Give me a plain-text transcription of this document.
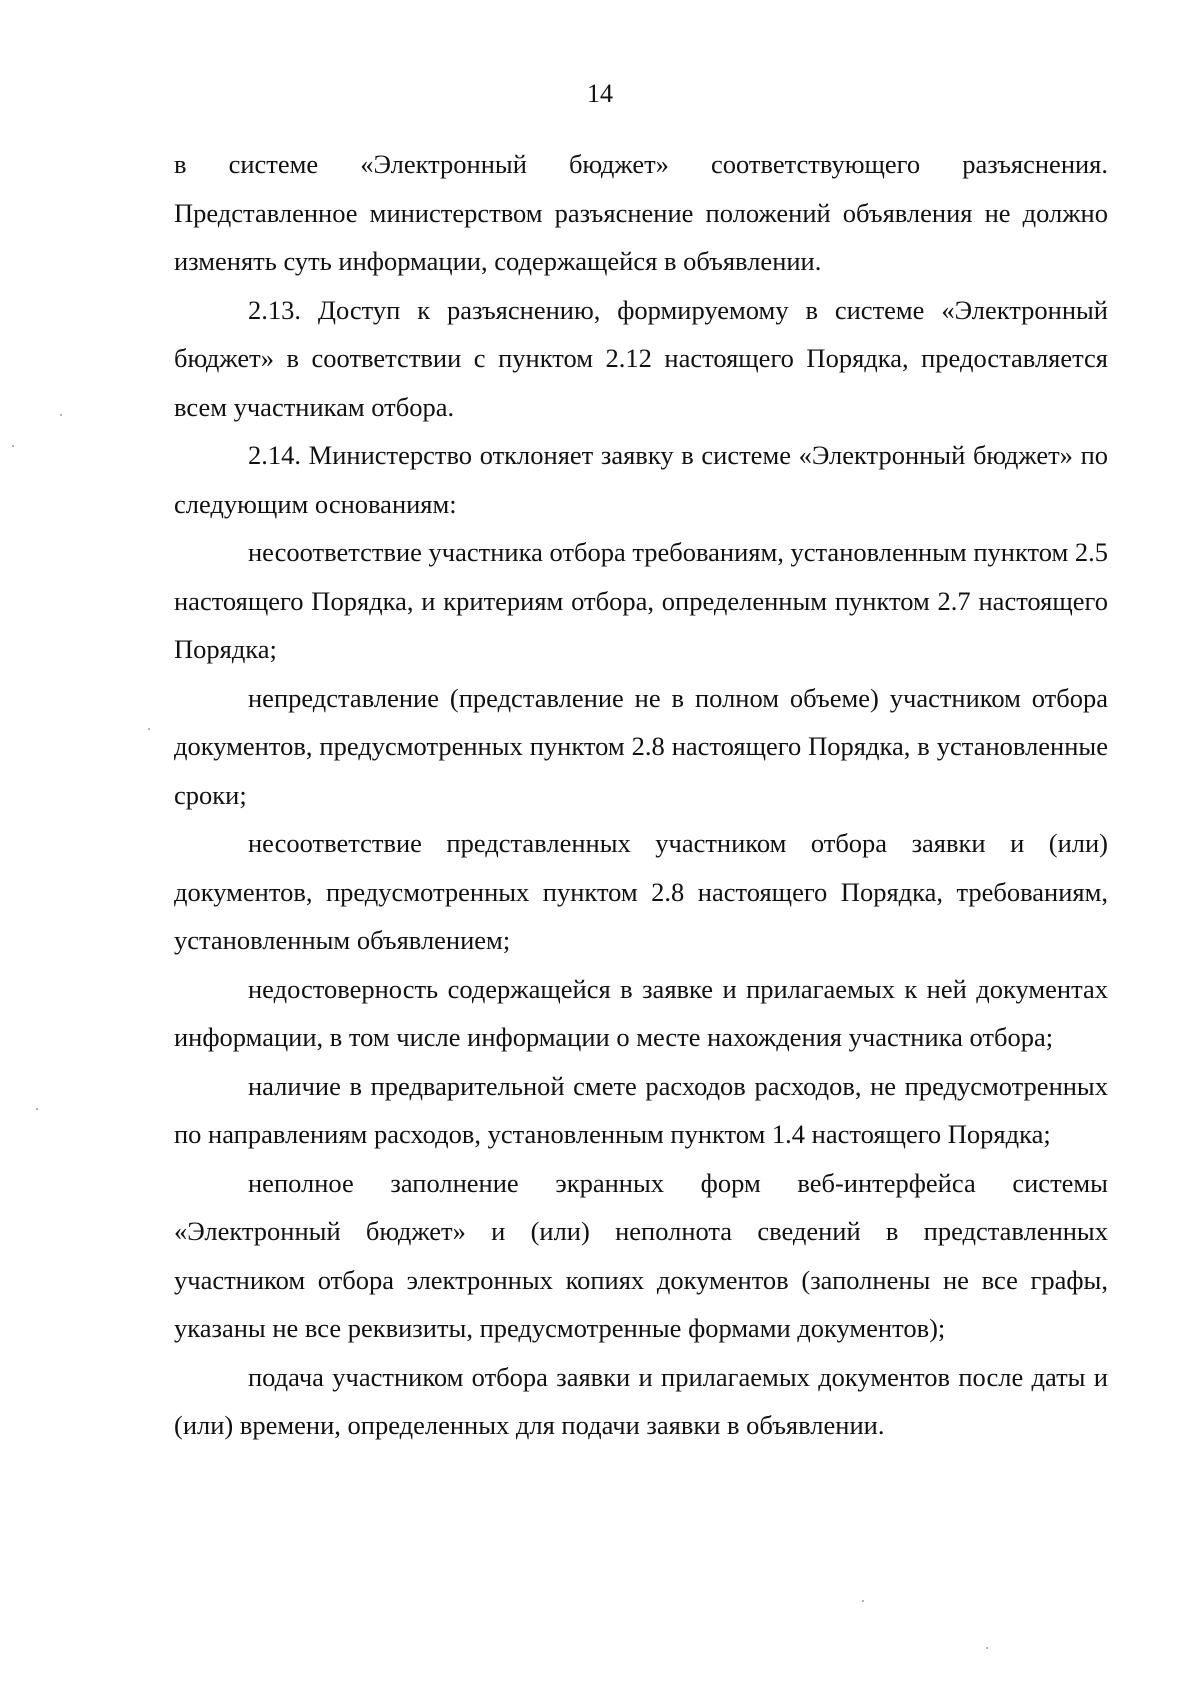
14

в системе «Электронный бюджет» соответствующего разъяснения. Представленное министерством разъяснение положений объявления не должно изменять суть информации, содержащейся в объявлении.

2.13. Доступ к разъяснению, формируемому в системе «Электронный бюджет» в соответствии с пунктом 2.12 настоящего Порядка, предоставляется всем участникам отбора.

2.14. Министерство отклоняет заявку в системе «Электронный бюджет» по следующим основаниям:

несоответствие участника отбора требованиям, установленным пунктом 2.5 настоящего Порядка, и критериям отбора, определенным пунктом 2.7 настоящего Порядка;

непредставление (представление не в полном объеме) участником отбора документов, предусмотренных пунктом 2.8 настоящего Порядка, в установленные сроки;

несоответствие представленных участником отбора заявки и (или) документов, предусмотренных пунктом 2.8 настоящего Порядка, требованиям, установленным объявлением;

недостоверность содержащейся в заявке и прилагаемых к ней документах информации, в том числе информации о месте нахождения участника отбора;

наличие в предварительной смете расходов расходов, не предусмотренных по направлениям расходов, установленным пунктом 1.4 настоящего Порядка;

неполное заполнение экранных форм веб-интерфейса системы «Электронный бюджет» и (или) неполнота сведений в представленных участником отбора электронных копиях документов (заполнены не все графы, указаны не все реквизиты, предусмотренные формами документов);

подача участником отбора заявки и прилагаемых документов после даты и (или) времени, определенных для подачи заявки в объявлении.
